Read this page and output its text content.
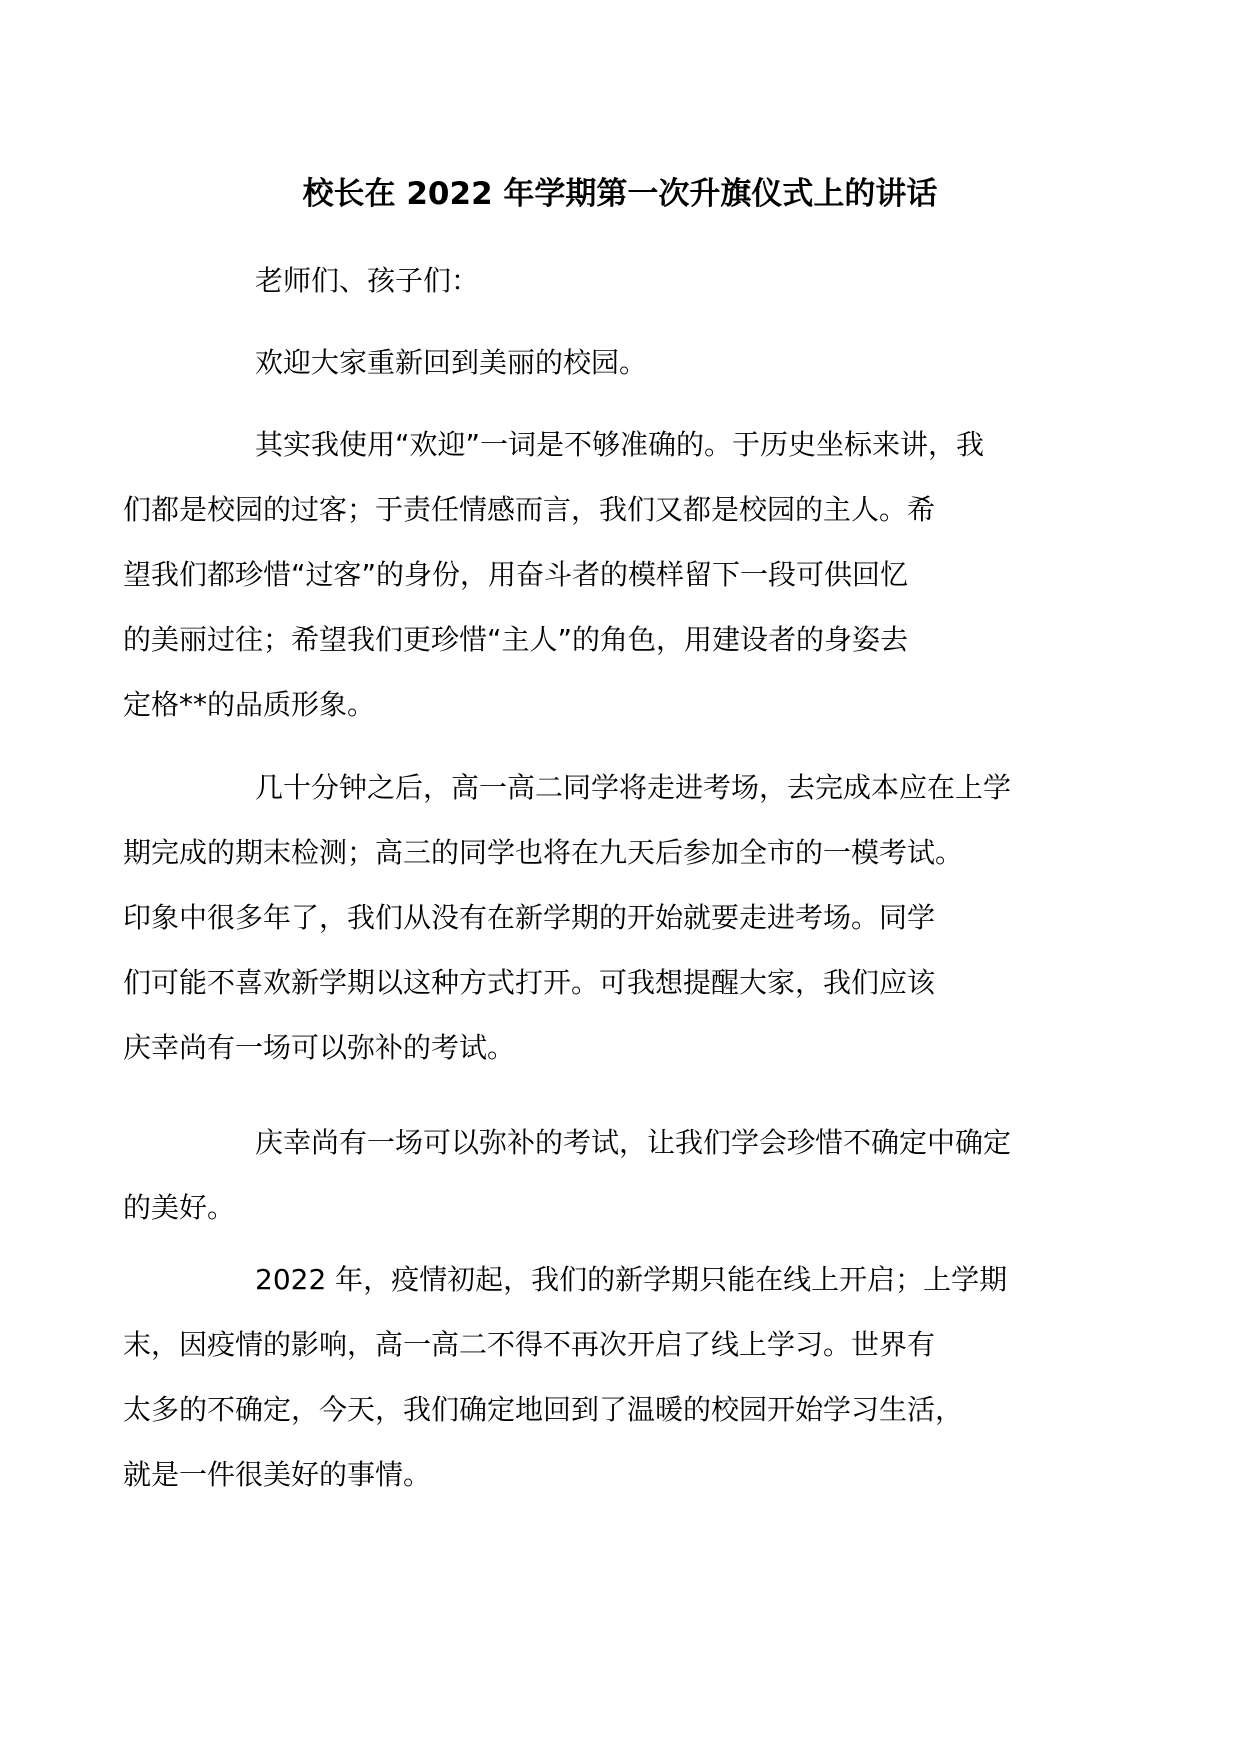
校长在 2022 年学期第一次升旗仪式上的讲话

老师们、孩子们：

欢迎大家重新回到美丽的校园。

其实我使用“欢迎”一词是不够准确的。于历史坐标来讲，我
们都是校园的过客；于责任情感而言，我们又都是校园的主人。希
望我们都珍惜“过客”的身份，用奋斗者的模样留下一段可供回忆
的美丽过往；希望我们更珍惜“主人”的角色，用建设者的身姿去
定格**的品质形象。

几十分钟之后，高一高二同学将走进考场，去完成本应在上学
期完成的期末检测；高三的同学也将在九天后参加全市的一模考试。
印象中很多年了，我们从没有在新学期的开始就要走进考场。同学
们可能不喜欢新学期以这种方式打开。可我想提醒大家，我们应该
庆幸尚有一场可以弥补的考试。

庆幸尚有一场可以弥补的考试，让我们学会珍惜不确定中确定
的美好。

2022 年，疫情初起，我们的新学期只能在线上开启；上学期
末，因疫情的影响，高一高二不得不再次开启了线上学习。世界有
太多的不确定，今天，我们确定地回到了温暖的校园开始学习生活，
就是一件很美好的事情。
